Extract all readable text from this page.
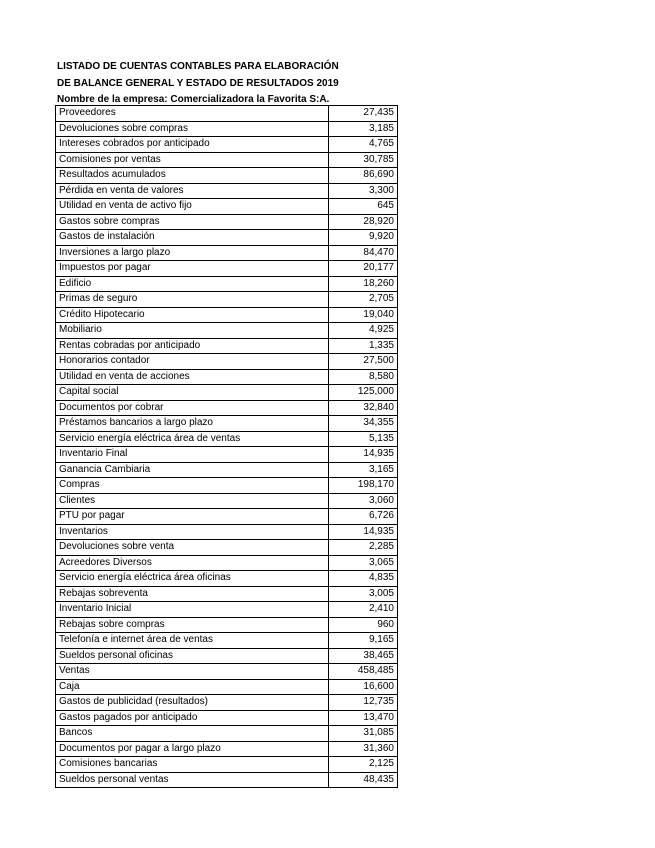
LISTADO DE CUENTAS CONTABLES PARA ELABORACIÓN
DE BALANCE GENERAL Y ESTADO DE RESULTADOS 2019
Nombre de la empresa: Comercializadora la Favorita S:A.
Proveedores	27,435
Devoluciones sobre compras	3,185
Intereses cobrados por anticipado	4,765
Comisiones por ventas	30,785
Resultados acumulados	86,690
Pérdida en venta de valores	3,300
Utilidad en venta de activo fijo	645
Gastos sobre compras	28,920
Gastos de instalación	9,920
Inversiones a largo plazo	84,470
Impuestos por pagar	20,177
Edificio	18,260
Primas de seguro	2,705
Crédito Hipotecario	19,040
Mobiliario	4,925
Rentas cobradas por anticipado	1,335
Honorarios contador	27,500
Utilidad en venta de acciones	8,580
Capital social	125,000
Documentos por cobrar	32,840
Préstamos bancarios a largo plazo	34,355
Servicio energía eléctrica área de ventas	5,135
Inventario Final	14,935
Ganancia Cambiaria	3,165
Compras	198,170
Clientes	3,060
PTU por pagar	6,726
Inventarios	14,935
Devoluciones sobre venta	2,285
Acreedores Diversos	3,065
Servicio energía eléctrica área oficinas	4,835
Rebajas sobreventa	3,005
Inventario Inicial	2,410
Rebajas sobre compras	960
Telefonía e internet área de ventas	9,165
Sueldos personal oficinas	38,465
Ventas	458,485
Caja	16,600
Gastos de publicidad (resultados)	12,735
Gastos pagados por anticipado	13,470
Bancos	31,085
Documentos por pagar a largo plazo	31,360
Comisiones bancarias	2,125
Sueldos personal ventas	48,435
